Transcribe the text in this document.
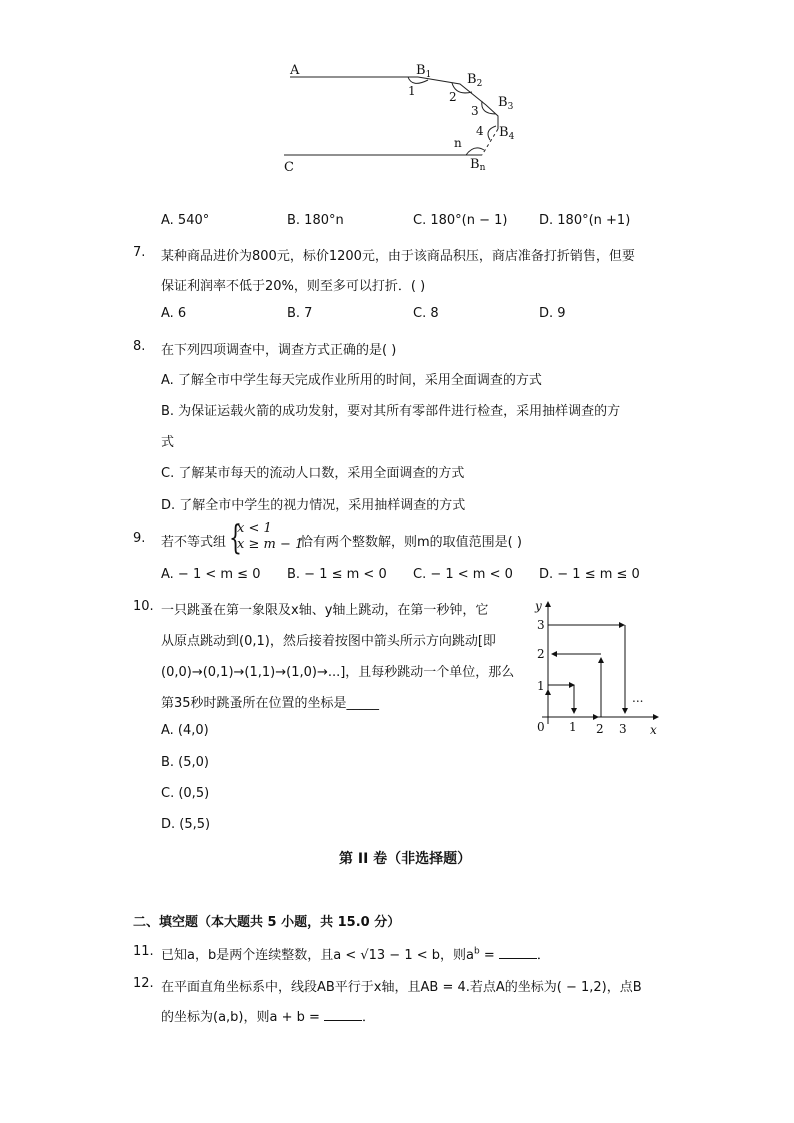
A	$B_1$	$B_2$
$B_3$
$B_4$
C	Bn
1	2
3
4
n
A. 540°	B. 180°n	C. 180°(n − 1) D. 180°(n +1)
7. 某种商品进价为800元，标价1200元，由于该商品积压，商店准备打折销售，但要
保证利润率不低于20%，则至多可以打折．( )
A. 6	B. 7	C. 8	D. 9
8. 在下列四项调查中，调查方式正确的是( )
A. 了解全市中学生每天完成作业所用的时间，采用全面调查的方式
B. 为保证运载火箭的成功发射，要对其所有零部件进行检查，采用抽样调查的方
式
C. 了解某市每天的流动人口数，采用全面调查的方式
D. 了解全市中学生的视力情况，采用抽样调查的方式
9. 若不等式组 {
x < 1
x ≥ m − 1
恰有两个整数解，则m的取值范围是( )
A. − 1 < m ≤ 0 B. − 1 ≤ m < 0 C. − 1 < m < 0 D. − 1 ≤ m ≤ 0
10. 一只跳蚤在第一象限及x轴、y轴上跳动，在第一秒钟，它
从原点跳动到(0,1)，然后接着按图中箭头所示方向跳动[即
(0,0)→(0,1)→(1,1)→(1,0)→...]，且每秒跳动一个单位，那么
第35秒时跳蚤所在位置的坐标是_____
A. (4,0)
B. (5,0)
C. (0,5)
D. (5,5)
y
x
0 1 2 3
1
2
3
...
第 II 卷（非选择题）
二、填空题（本大题共 5 小题，共 15.0 分）
11. 已知a，b是两个连续整数，且a < √13 − 1 < b，则$a^b$ =	．
12. 在平面直角坐标系中，线段AB平行于x轴，且AB = 4.若点A的坐标为( − 1,2)，点B
的坐标为(a,b)，则a + b =	．
